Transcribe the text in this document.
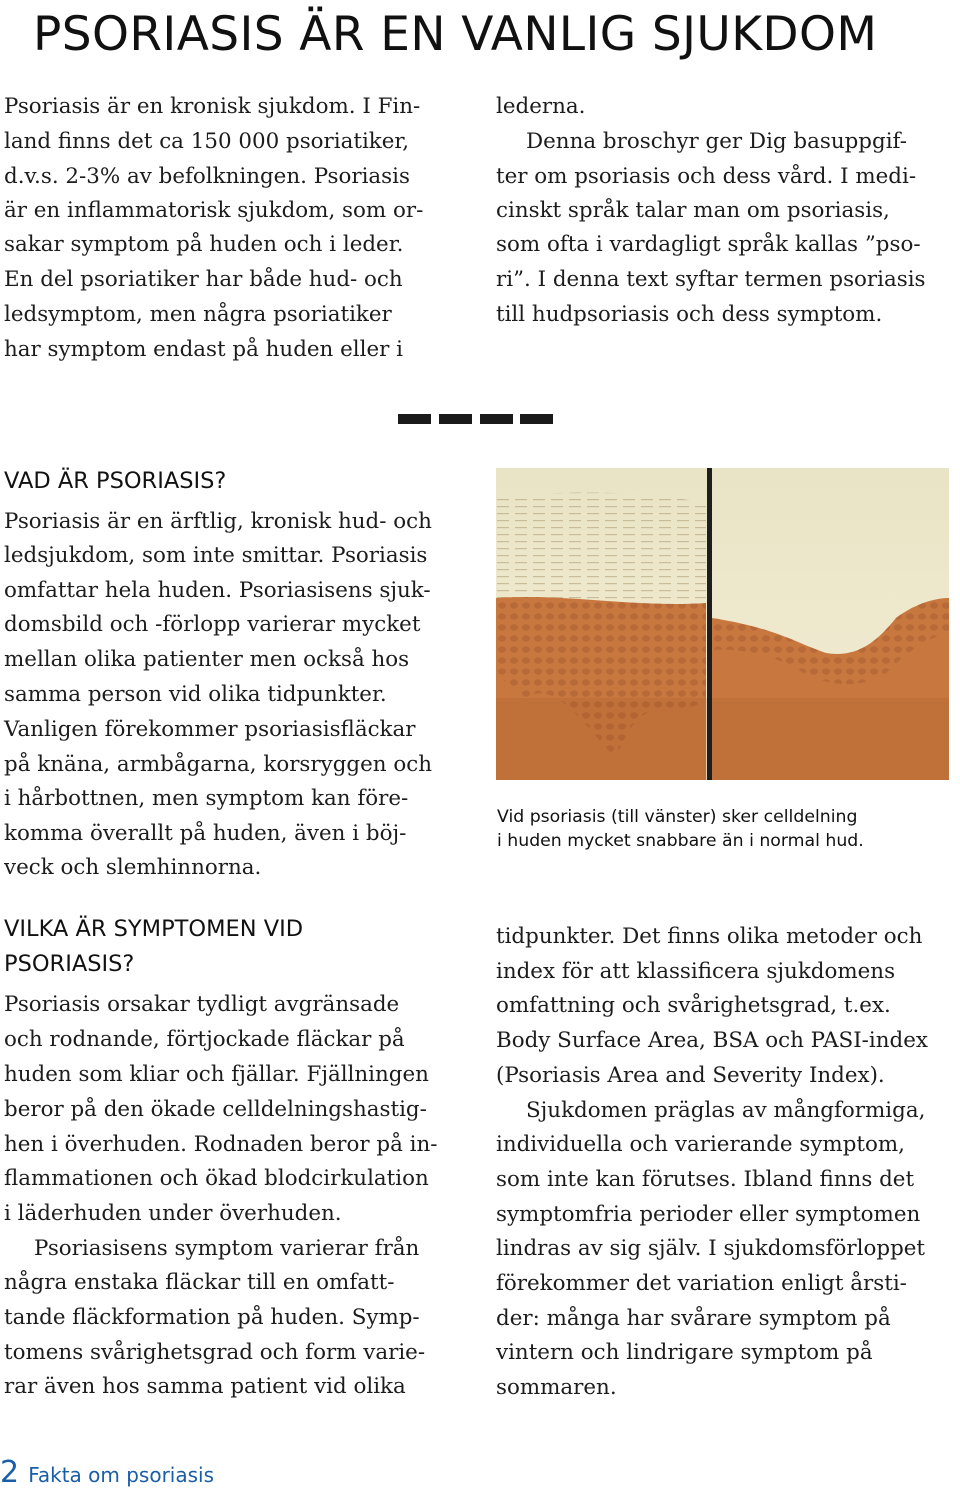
PSORIASIS ÄR EN VANLIG SJUKDOM
Psoriasis är en kronisk sjukdom. I Fin-
land finns det ca 150 000 psoriatiker,
d.v.s. 2-3% av befolkningen. Psoriasis
är en inflammatorisk sjukdom, som or-
sakar symptom på huden och i leder.
En del psoriatiker har både hud- och
ledsymptom, men några psoriatiker
har symptom endast på huden eller i
lederna.
Denna broschyr ger Dig basuppgif-
ter om psoriasis och dess vård. I medi-
cinskt språk talar man om psoriasis,
som ofta i vardagligt språk kallas ”pso-
ri”. I denna text syftar termen psoriasis
till hudpsoriasis och dess symptom.
VAD ÄR PSORIASIS?
Psoriasis är en ärftlig, kronisk hud- och
ledsjukdom, som inte smittar. Psoriasis
omfattar hela huden. Psoriasisens sjuk-
domsbild och -förlopp varierar mycket
mellan olika patienter men också hos
samma person vid olika tidpunkter.
Vanligen förekommer psoriasisfläckar
på knäna, armbågarna, korsryggen och
i hårbottnen, men symptom kan före-
komma överallt på huden, även i böj-
veck och slemhinnorna.
Vid psoriasis (till vänster) sker celldelning
i huden mycket snabbare än i normal hud.
VILKA ÄR SYMPTOMEN VID
PSORIASIS?
Psoriasis orsakar tydligt avgränsade
och rodnande, förtjockade fläckar på
huden som kliar och fjällar. Fjällningen
beror på den ökade celldelningshastig-
hen i överhuden. Rodnaden beror på in-
flammationen och ökad blodcirkulation
i läderhuden under överhuden.
Psoriasisens symptom varierar från
några enstaka fläckar till en omfatt-
tande fläckformation på huden. Symp-
tomens svårighetsgrad och form varie-
rar även hos samma patient vid olika
tidpunkter. Det finns olika metoder och
index för att klassificera sjukdomens
omfattning och svårighetsgrad, t.ex.
Body Surface Area, BSA och PASI-index
(Psoriasis Area and Severity Index).
Sjukdomen präglas av mångformiga,
individuella och varierande symptom,
som inte kan förutses. Ibland finns det
symptomfria perioder eller symptomen
lindras av sig själv. I sjukdomsförloppet
förekommer det variation enligt årsti-
der: många har svårare symptom på
vintern och lindrigare symptom på
sommaren.
2 Fakta om psoriasis
